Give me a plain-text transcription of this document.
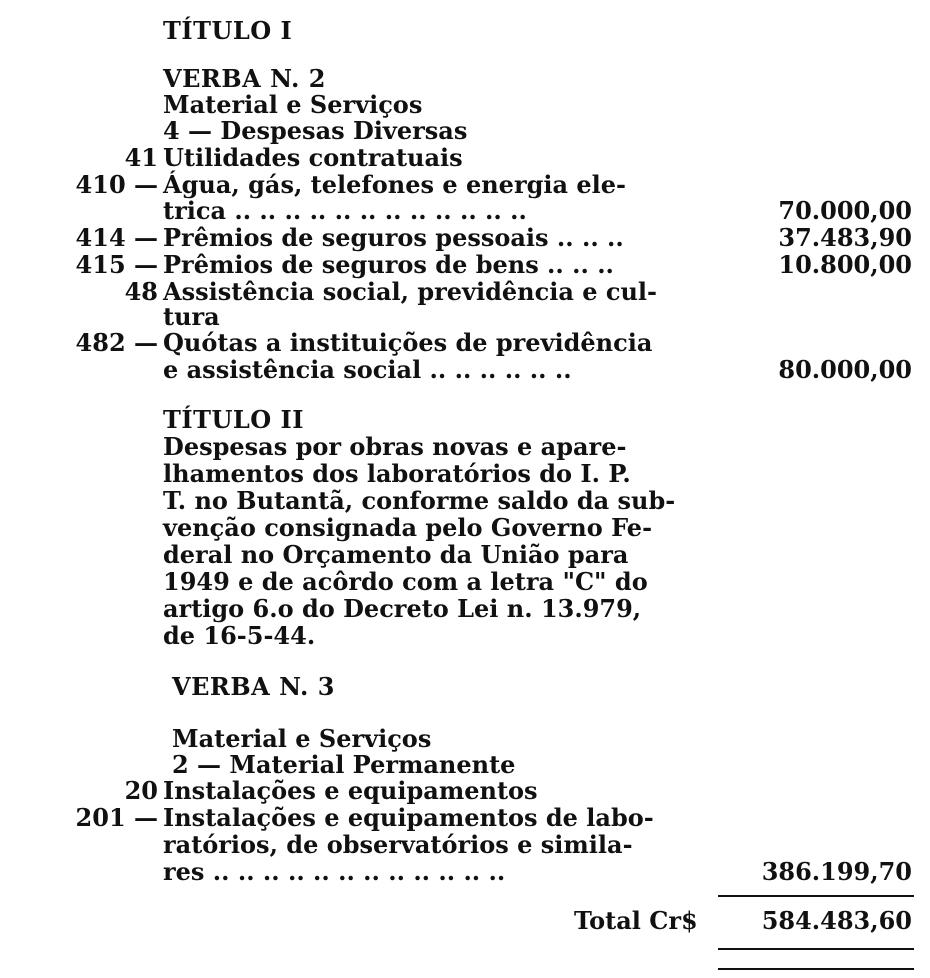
TÍTULO I
VERBA N. 2
Material e Serviços
4 — Despesas Diversas
41 Utilidades contratuais
410 — Água, gás, telefones e energia ele-
trica .. .. .. .. .. .. .. .. .. .. .. ..	70.000,00
414 — Prêmios de seguros pessoais .. .. ..	37.483,90
415 — Prêmios de seguros de bens .. .. ..	10.800,00
48 Assistência social, previdência e cul-
tura
482 — Quótas a instituições de previdência
e assistência social .. .. .. .. .. ..	80.000,00
TÍTULO II
Despesas por obras novas e apare-
lhamentos dos laboratórios do I. P.
T. no Butantã, conforme saldo da sub-
venção consignada pelo Governo Fe-
deral no Orçamento da União para
1949 e de acôrdo com a letra "C" do
artigo 6.o do Decreto Lei n. 13.979,
de 16-5-44.
VERBA N. 3
Material e Serviços
2 — Material Permanente
20 Instalações e equipamentos
201 — Instalações e equipamentos de labo-
ratórios, de observatórios e simila-
res .. .. .. .. .. .. .. .. .. .. .. ..	386.199,70
Total Cr$	584.483,60
